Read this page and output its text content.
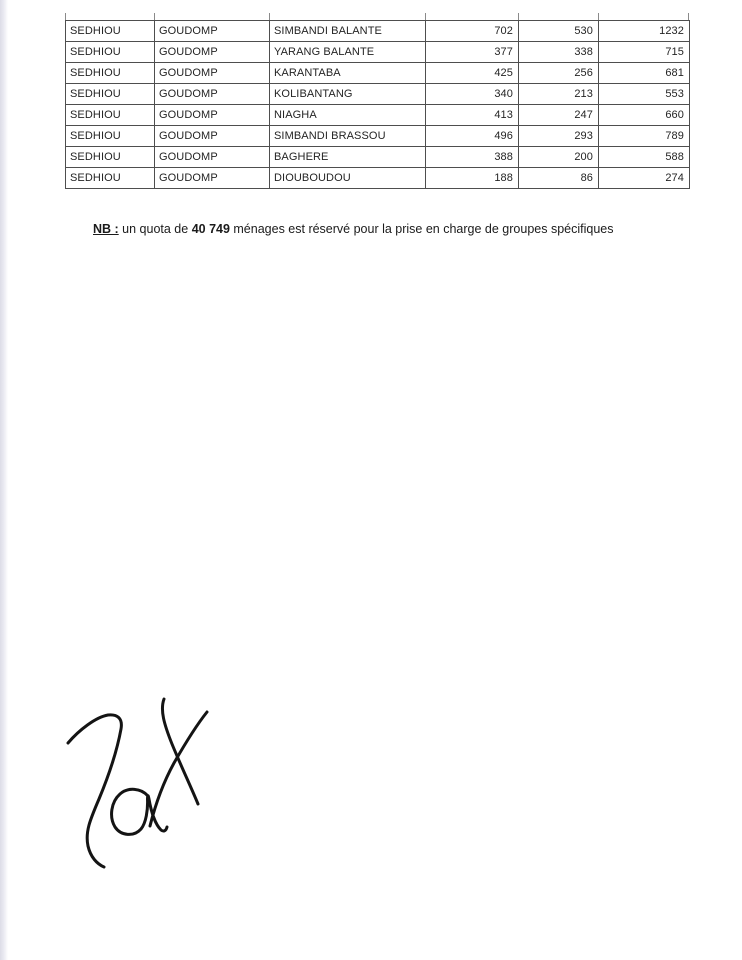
SEDHIOU	GOUDOMP	SIMBANDI BALANTE	702	530	1232
SEDHIOU	GOUDOMP	YARANG BALANTE	377	338	715
SEDHIOU	GOUDOMP	KARANTABA	425	256	681
SEDHIOU	GOUDOMP	KOLIBANTANG	340	213	553
SEDHIOU	GOUDOMP	NIAGHA	413	247	660
SEDHIOU	GOUDOMP	SIMBANDI BRASSOU	496	293	789
SEDHIOU	GOUDOMP	BAGHERE	388	200	588
SEDHIOU	GOUDOMP	DIOUBOUDOU	188	86	274

NB : un quota de 40 749 ménages est réservé pour la prise en charge de groupes spécifiques
